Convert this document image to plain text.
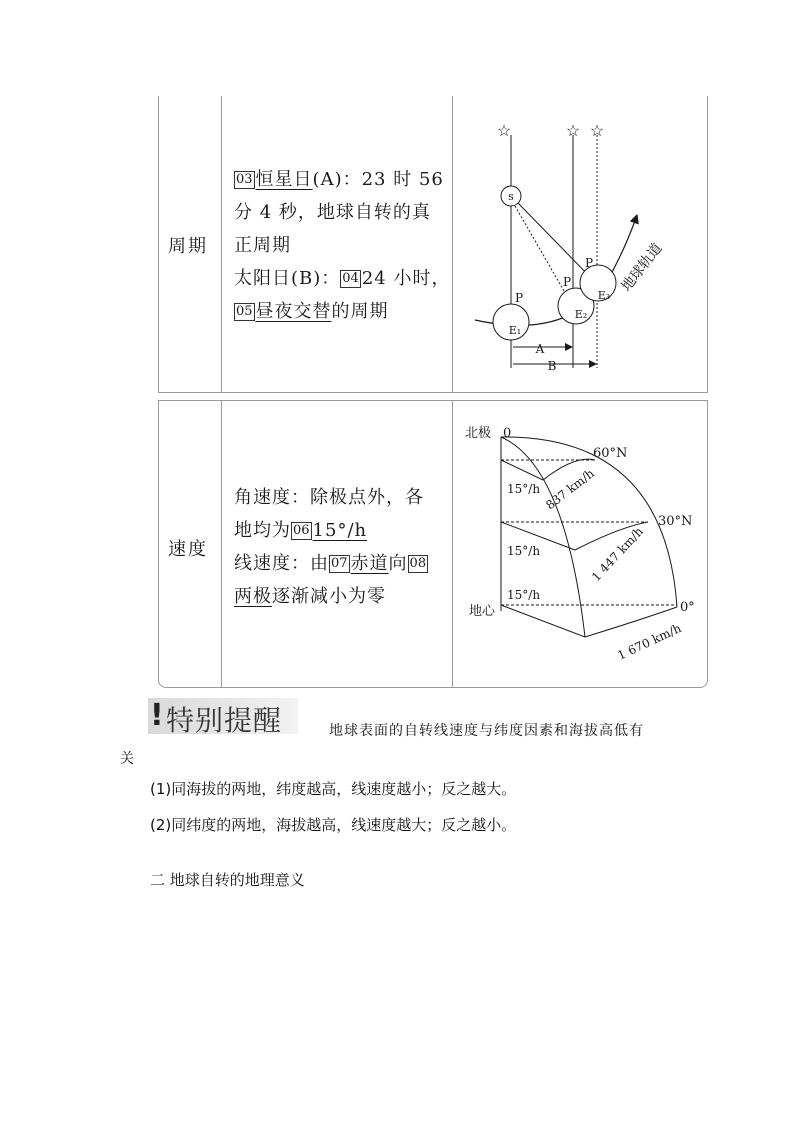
周期
03 恒星日(A)：23 时 56
分 4 秒，地球自转的真
正周期
太阳日(B)： 04 24 小时，
05 昼夜交替的周期
☆	☆ ☆
s
P
E₁
P
E₂
P
E₃
地球轨道
A
B
速度
角速度：除极点外，各
地均为 06 15°/h
线速度：由 07 赤道向 08
两极逐渐减小为零
北极 0
地心
15°/h
15°/h
15°/h
60°N
30°N
0°
837 km/h
1 447 km/h
1 670 km/h
! 特别提醒	地球表面的自转线速度与纬度因素和海拔高低有
关
(1)同海拔的两地，纬度越高，线速度越小；反之越大。
(2)同纬度的两地，海拔越高，线速度越大；反之越小。
二 地球自转的地理意义
